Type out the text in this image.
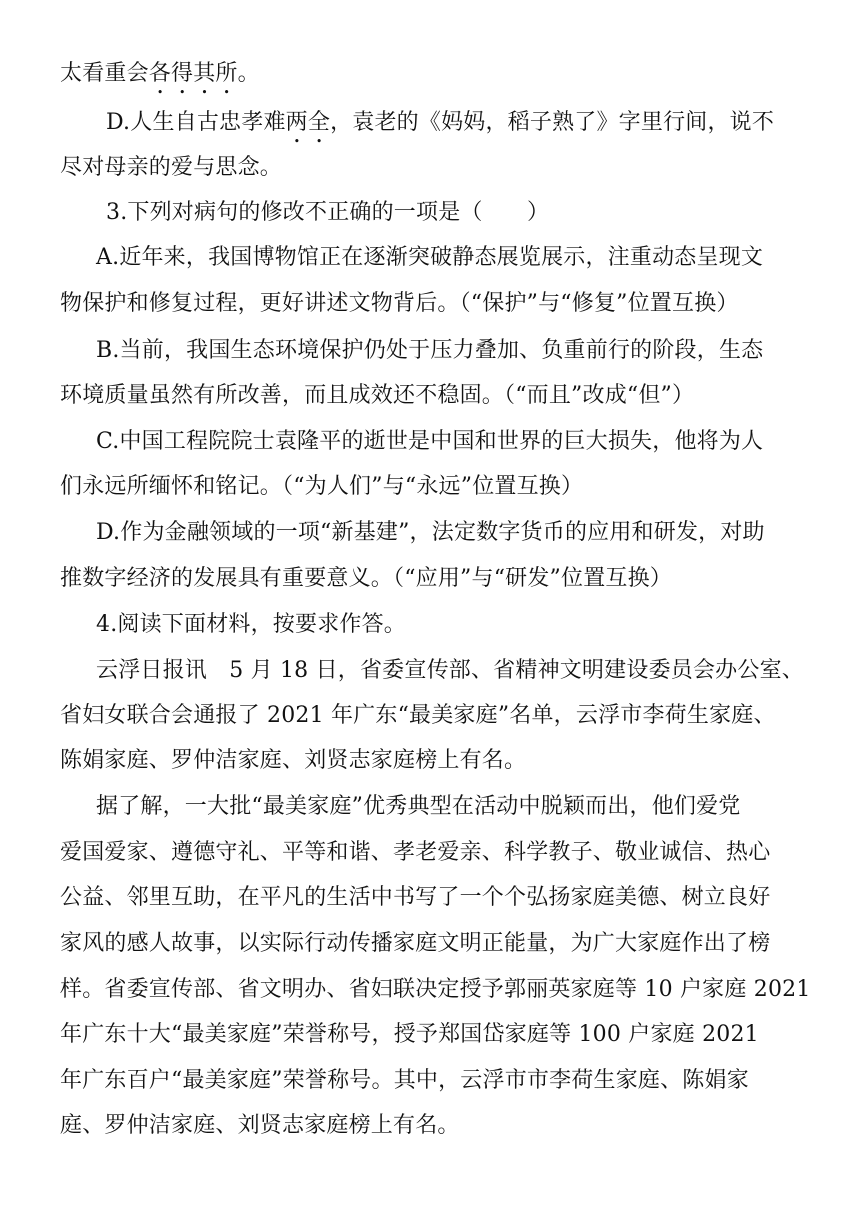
太看重会各得其所。
D.人生自古忠孝难两全，袁老的《妈妈，稻子熟了》字里行间，说不
尽对母亲的爱与思念。
3.下列对病句的修改不正确的一项是（　　）
A.近年来，我国博物馆正在逐渐突破静态展览展示，注重动态呈现文
物保护和修复过程，更好讲述文物背后。（“保护”与“修复”位置互换）
B.当前，我国生态环境保护仍处于压力叠加、负重前行的阶段，生态
环境质量虽然有所改善，而且成效还不稳固。（“而且”改成“但”）
C.中国工程院院士袁隆平的逝世是中国和世界的巨大损失，他将为人
们永远所缅怀和铭记。（“为人们”与“永远”位置互换）
D.作为金融领域的一项“新基建”，法定数字货币的应用和研发，对助
推数字经济的发展具有重要意义。（“应用”与“研发”位置互换）
4.阅读下面材料，按要求作答。
云浮日报讯　5 月 18 日，省委宣传部、省精神文明建设委员会办公室、
省妇女联合会通报了 2021 年广东“最美家庭”名单，云浮市李荷生家庭、
陈娟家庭、罗仲洁家庭、刘贤志家庭榜上有名。
据了解，一大批“最美家庭”优秀典型在活动中脱颖而出，他们爱党
爱国爱家、遵德守礼、平等和谐、孝老爱亲、科学教子、敬业诚信、热心
公益、邻里互助，在平凡的生活中书写了一个个弘扬家庭美德、树立良好
家风的感人故事，以实际行动传播家庭文明正能量，为广大家庭作出了榜
样。省委宣传部、省文明办、省妇联决定授予郭丽英家庭等 10 户家庭 2021
年广东十大“最美家庭”荣誉称号，授予郑国岱家庭等 100 户家庭 2021
年广东百户“最美家庭”荣誉称号。其中，云浮市市李荷生家庭、陈娟家
庭、罗仲洁家庭、刘贤志家庭榜上有名。
